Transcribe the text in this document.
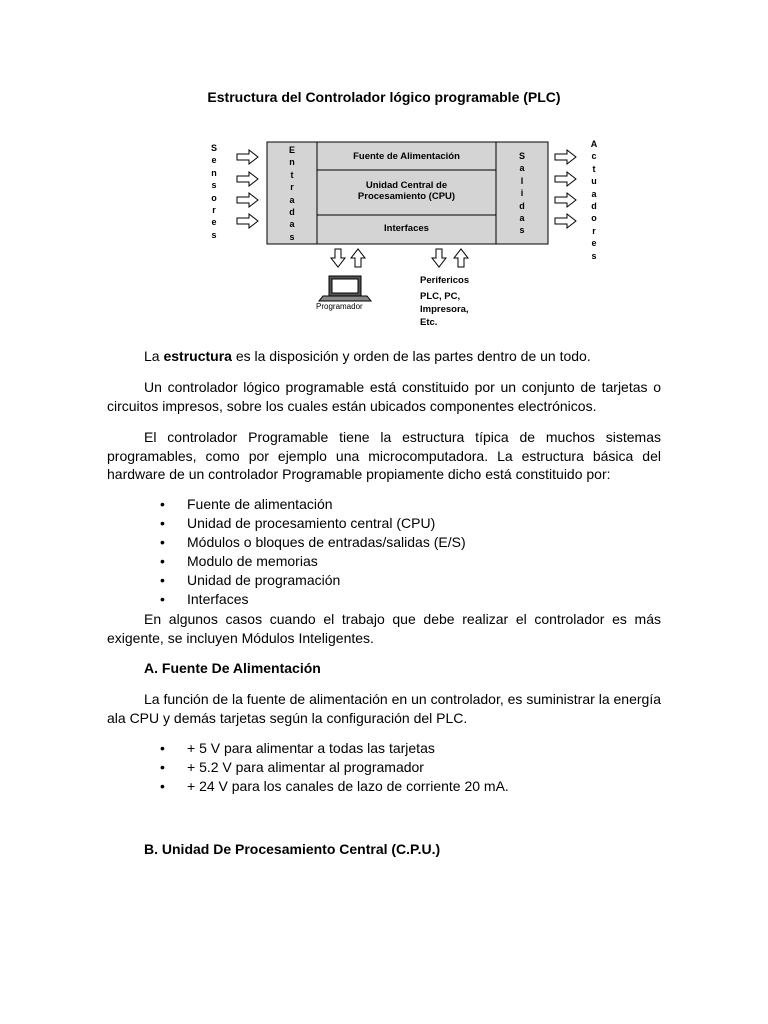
Estructura del Controlador lógico programable (PLC)
S
e
n
s
o
r
e
s
E
n
t
r
a
d
a
s
S
a
l
i
d
a
s
A
c
t
u
a
d
o
r
e
s
Fuente de Alimentación
Unidad Central de
Procesamiento (CPU)
Interfaces
Programador
Perifericos
PLC, PC,
Impresora,
Etc.
La estructura es la disposición y orden de las partes dentro de un todo.
Un controlador lógico programable está constituido por un conjunto de tarjetas o circuitos impresos, sobre los cuales están ubicados componentes electrónicos.
El controlador Programable tiene la estructura típica de muchos sistemas programables, como por ejemplo una microcomputadora. La estructura básica del hardware de un controlador Programable propiamente dicho está constituido por:
• Fuente de alimentación
• Unidad de procesamiento central (CPU)
• Módulos o bloques de entradas/salidas (E/S)
• Modulo de memorias
• Unidad de programación
• Interfaces
En algunos casos cuando el trabajo que debe realizar el controlador es más exigente, se incluyen Módulos Inteligentes.
A. Fuente De Alimentación
La función de la fuente de alimentación en un controlador, es suministrar la energía ala CPU y demás tarjetas según la configuración del PLC.
• + 5 V para alimentar a todas las tarjetas
• + 5.2 V para alimentar al programador
• + 24 V para los canales de lazo de corriente 20 mA.
B. Unidad De Procesamiento Central (C.P.U.)
